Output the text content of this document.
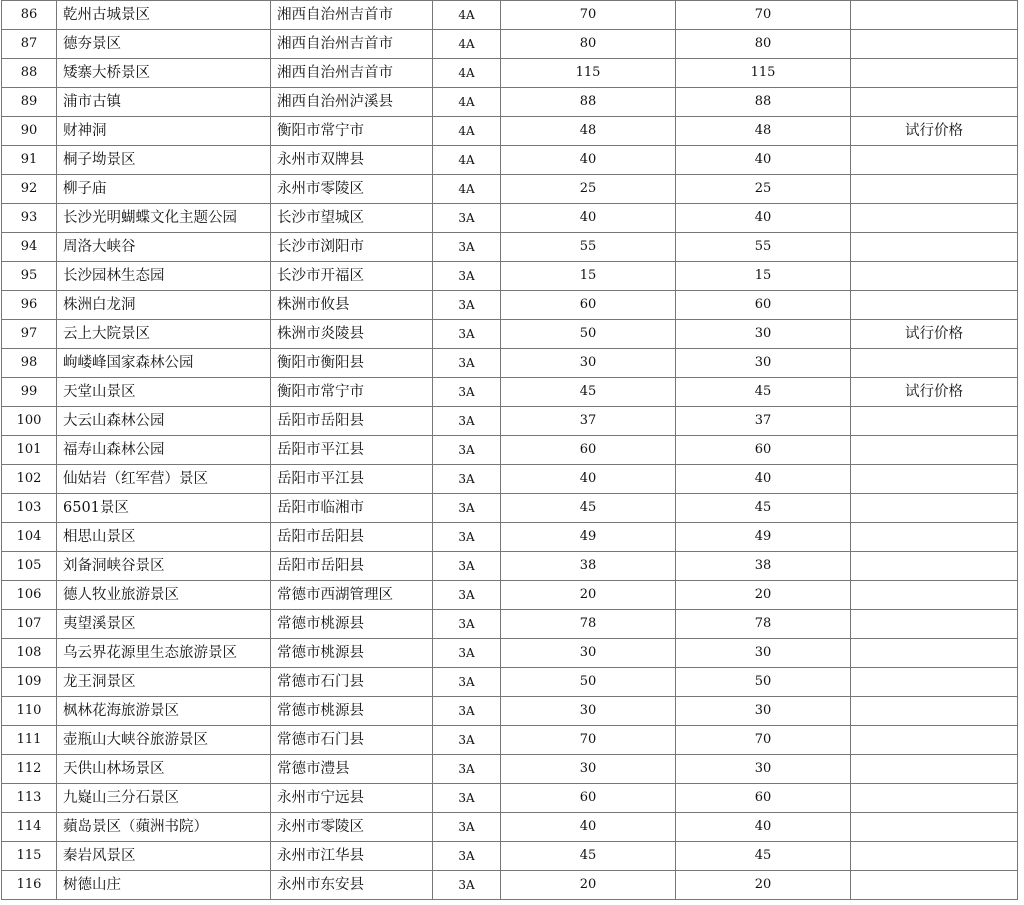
86	乾州古城景区	湘西自治州吉首市	4A	70	70	
87	德夯景区	湘西自治州吉首市	4A	80	80	
88	矮寨大桥景区	湘西自治州吉首市	4A	115	115	
89	浦市古镇	湘西自治州泸溪县	4A	88	88	
90	财神洞	衡阳市常宁市	4A	48	48	试行价格
91	桐子坳景区	永州市双牌县	4A	40	40	
92	柳子庙	永州市零陵区	4A	25	25	
93	长沙光明蝴蝶文化主题公园	长沙市望城区	3A	40	40	
94	周洛大峡谷	长沙市浏阳市	3A	55	55	
95	长沙园林生态园	长沙市开福区	3A	15	15	
96	株洲白龙洞	株洲市攸县	3A	60	60	
97	云上大院景区	株洲市炎陵县	3A	50	30	试行价格
98	岣嵝峰国家森林公园	衡阳市衡阳县	3A	30	30	
99	天堂山景区	衡阳市常宁市	3A	45	45	试行价格
100	大云山森林公园	岳阳市岳阳县	3A	37	37	
101	福寿山森林公园	岳阳市平江县	3A	60	60	
102	仙姑岩（红军营）景区	岳阳市平江县	3A	40	40	
103	6501景区	岳阳市临湘市	3A	45	45	
104	相思山景区	岳阳市岳阳县	3A	49	49	
105	刘备洞峡谷景区	岳阳市岳阳县	3A	38	38	
106	德人牧业旅游景区	常德市西湖管理区	3A	20	20	
107	夷望溪景区	常德市桃源县	3A	78	78	
108	乌云界花源里生态旅游景区	常德市桃源县	3A	30	30	
109	龙王洞景区	常德市石门县	3A	50	50	
110	枫林花海旅游景区	常德市桃源县	3A	30	30	
111	壶瓶山大峡谷旅游景区	常德市石门县	3A	70	70	
112	天供山林场景区	常德市澧县	3A	30	30	
113	九嶷山三分石景区	永州市宁远县	3A	60	60	
114	蘋岛景区（蘋洲书院）	永州市零陵区	3A	40	40	
115	秦岩风景区	永州市江华县	3A	45	45	
116	树德山庄	永州市东安县	3A	20	20	
